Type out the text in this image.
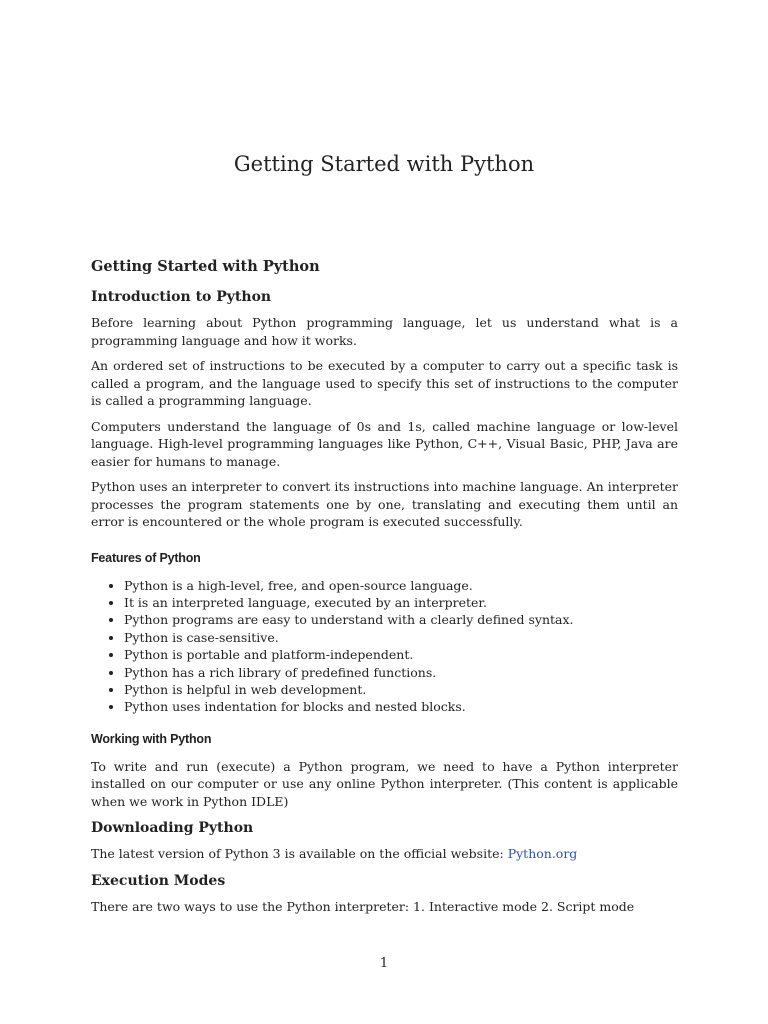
Getting Started with Python
Getting Started with Python
Introduction to Python

Before learning about Python programming language, let us understand what is a programming language and how it works.

An ordered set of instructions to be executed by a computer to carry out a specific task is called a program, and the language used to specify this set of instructions to the computer is called a programming language.

Computers understand the language of 0s and 1s, called machine language or low-level language. High-level programming languages like Python, C++, Visual Basic, PHP, Java are easier for humans to manage.

Python uses an interpreter to convert its instructions into machine language. An interpreter processes the program statements one by one, translating and executing them until an error is encountered or the whole program is executed successfully.

Features of Python
• Python is a high-level, free, and open-source language.
• It is an interpreted language, executed by an interpreter.
• Python programs are easy to understand with a clearly defined syntax.
• Python is case-sensitive.
• Python is portable and platform-independent.
• Python has a rich library of predefined functions.
• Python is helpful in web development.
• Python uses indentation for blocks and nested blocks.
Working with Python

To write and run (execute) a Python program, we need to have a Python interpreter installed on our computer or use any online Python interpreter. (This content is applicable when we work in Python IDLE)

Downloading Python

The latest version of Python 3 is available on the official website: Python.org

Execution Modes

There are two ways to use the Python interpreter: 1. Interactive mode 2. Script mode

1
